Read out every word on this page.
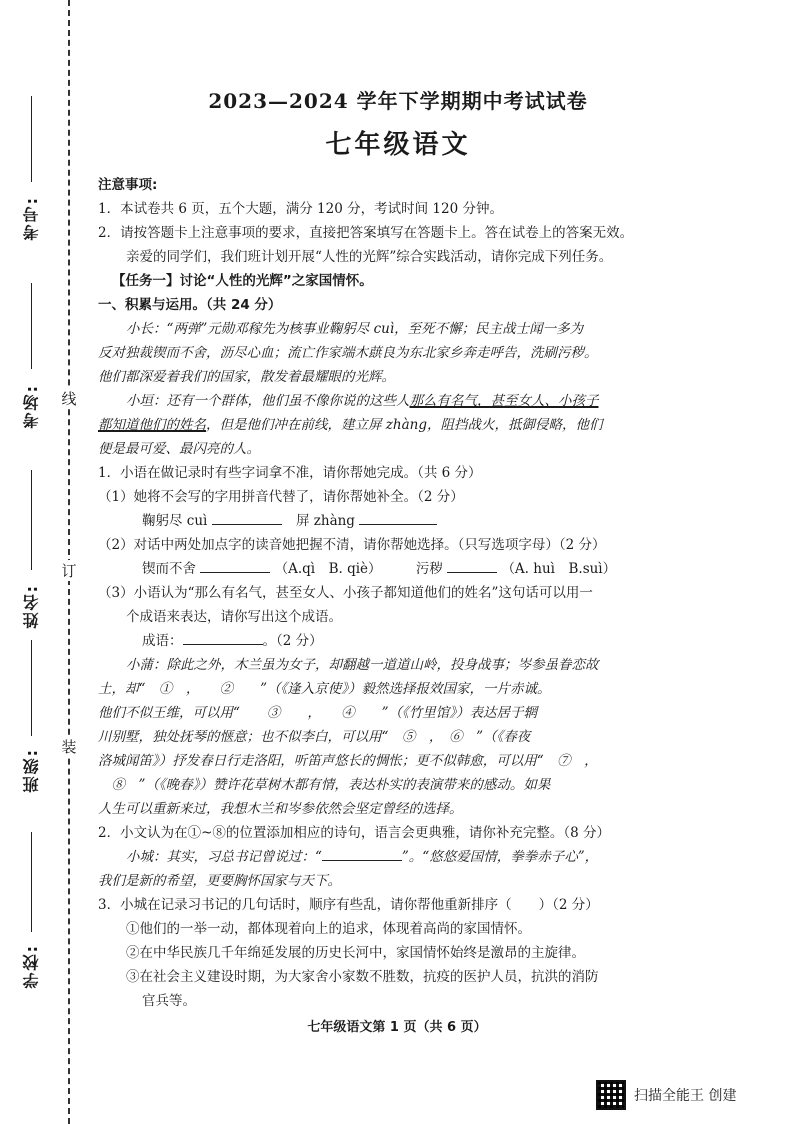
考号:
考场:
姓名:
班级:
学校:
线
订
装
2023—2024 学年下学期期中考试试卷
七年级语文
注意事项:
1．本试卷共 6 页，五个大题，满分 120 分，考试时间 120 分钟。
2．请按答题卡上注意事项的要求，直接把答案填写在答题卡上。答在试卷上的答案无效。
亲爱的同学们，我们班计划开展“人性的光辉”综合实践活动，请你完成下列任务。
【任务一】讨论“人性的光辉”之家国情怀。
一、积累与运用。（共 24 分）
小长：“两弹”元勋邓稼先为核事业鞠躬尽 cuì，至死不懈；民主战士闻一多为
反对独裁锲而不舍，沥尽心血；流亡作家端木蕻良为东北家乡奔走呼告，洗刷污秽。
他们都深爱着我们的国家，散发着最耀眼的光辉。
小垣：还有一个群体，他们虽不像你说的这些人那么有名气，甚至女人、小孩子
都知道他们的姓名，但是他们冲在前线，建立屏 zhàng，阻挡战火，抵御侵略，他们
便是最可爱、最闪亮的人。
1．小语在做记录时有些字词拿不准，请你帮她完成。（共 6 分）
（1）她将不会写的字用拼音代替了，请你帮她补全。（2 分）
鞠躬尽 cuì	屏 zhàng
（2）对话中两处加点字的读音她把握不清，请你帮她选择。（只写选项字母）（2 分）
锲而不舍	（A.qì　B. qiè）	污秽	（A. huì　B.suì）
（3）小语认为“那么有名气，甚至女人、小孩子都知道他们的姓名”这句话可以用一
个成语来表达，请你写出这个成语。
成语：	。（2 分）
小蒲：除此之外，木兰虽为女子，却翻越一道道山岭，投身战事；岑参虽眷恋故
土，却“　①　，　　②　　”（《逢入京使》）毅然选择报效国家，一片赤诚。
他们不似王维，可以用“　　③　　，　　④　　”（《竹里馆》）表达居于辋
川别墅，独处抚琴的惬意；也不似李白，可以用“　⑤　，　⑥　”（《春夜
洛城闻笛》）抒发春日行走洛阳，听笛声悠长的惆怅；更不似韩愈，可以用“　⑦　，
　⑧　”（《晚春》）赞许花草树木都有情，表达朴实的表演带来的感动。如果
人生可以重新来过，我想木兰和岑参依然会坚定曾经的选择。
2．小文认为在①~⑧的位置添加相应的诗句，语言会更典雅，请你补充完整。（8 分）
小城：其实，习总书记曾说过：“	”。“悠悠爱国情，拳拳赤子心”，
我们是新的希望，更要胸怀国家与天下。
3．小城在记录习书记的几句话时，顺序有些乱，请你帮他重新排序（　　）（2 分）
①他们的一举一动，都体现着向上的追求，体现着高尚的家国情怀。
②在中华民族几千年绵延发展的历史长河中，家国情怀始终是激昂的主旋律。
③在社会主义建设时期，为大家舍小家数不胜数，抗疫的医护人员，抗洪的消防
官兵等。
七年级语文第 1 页（共 6 页）
扫描全能王 创建
